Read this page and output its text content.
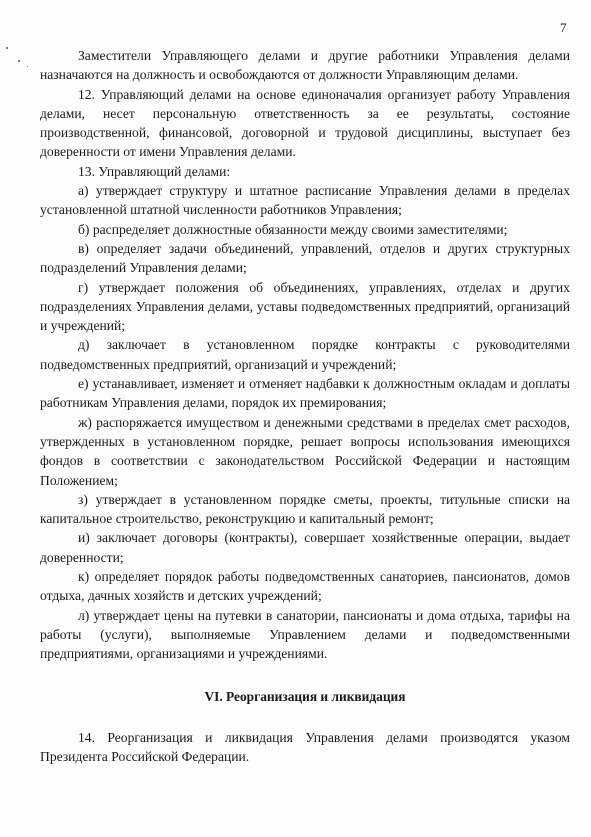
7

Заместители Управляющего делами и другие работники Управления делами назначаются на должность и освобождаются от должности Управляющим делами.

12. Управляющий делами на основе единоначалия организует работу Управления делами, несет персональную ответственность за ее результаты, состояние производственной, финансовой, договорной и трудовой дисциплины, выступает без доверенности от имени Управления делами.

13. Управляющий делами:

а) утверждает структуру и штатное расписание Управления делами в пределах установленной штатной численности работников Управления;

б) распределяет должностные обязанности между своими заместителями;

в) определяет задачи объединений, управлений, отделов и других структурных подразделений Управления делами;

г) утверждает положения об объединениях, управлениях, отделах и других подразделениях Управления делами, уставы подведомственных предприятий, организаций и учреждений;

д) заключает в установленном порядке контракты с руководителями подведомственных предприятий, организаций и учреждений;

е) устанавливает, изменяет и отменяет надбавки к должностным окладам и доплаты работникам Управления делами, порядок их премирования;

ж) распоряжается имуществом и денежными средствами в пределах смет расходов, утвержденных в установленном порядке, решает вопросы использования имеющихся фондов в соответствии с законодательством Российской Федерации и настоящим Положением;

з) утверждает в установленном порядке сметы, проекты, титульные списки на капитальное строительство, реконструкцию и капитальный ремонт;

и) заключает договоры (контракты), совершает хозяйственные операции, выдает доверенности;

к) определяет порядок работы подведомственных санаториев, пансионатов, домов отдыха, дачных хозяйств и детских учреждений;

л) утверждает цены на путевки в санатории, пансионаты и дома отдыха, тарифы на работы (услуги), выполняемые Управлением делами и подведомственными предприятиями, организациями и учреждениями.

VI. Реорганизация и ликвидация

14. Реорганизация и ликвидация Управления делами производятся указом Президента Российской Федерации.
